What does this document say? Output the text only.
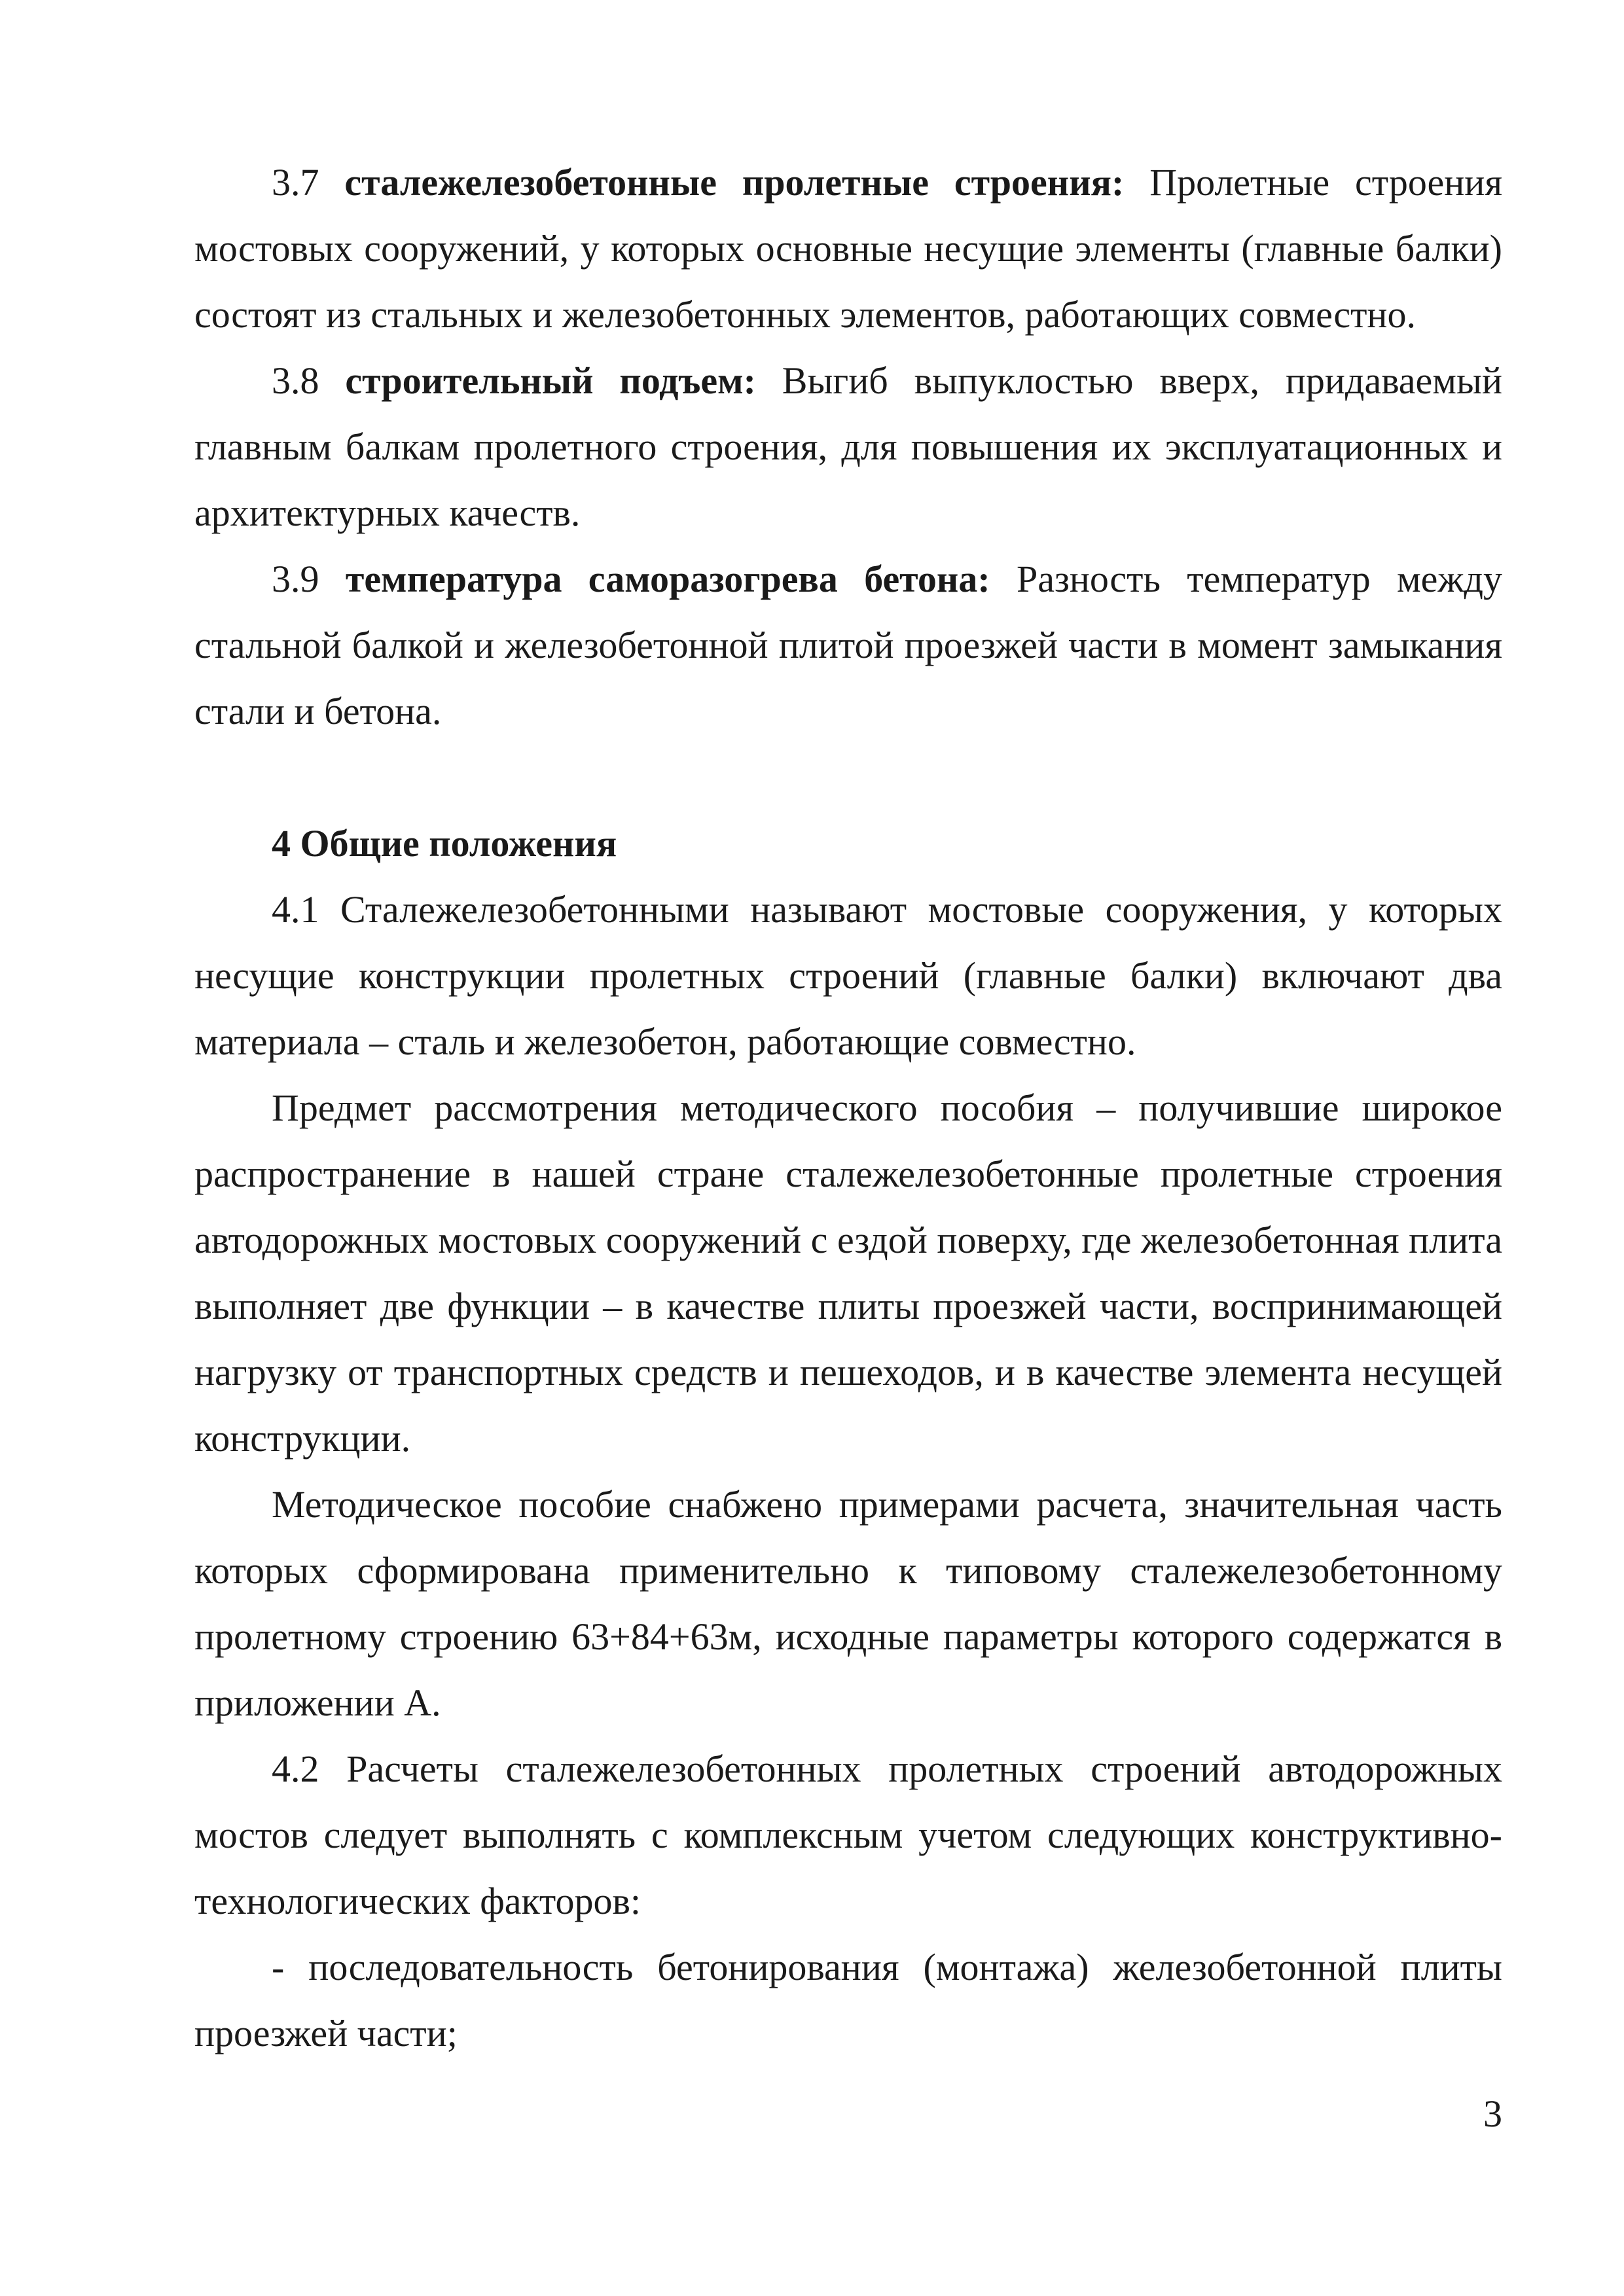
3.7 сталежелезобетонные пролетные строения: Пролетные строения мостовых сооружений, у которых основные несущие элементы (главные балки) состоят из стальных и железобетонных элементов, работающих совместно.

3.8 строительный подъем: Выгиб выпуклостью вверх, придаваемый главным балкам пролетного строения, для повышения их эксплуатационных и архитектурных качеств.

3.9 температура саморазогрева бетона: Разность температур между стальной балкой и железобетонной плитой проезжей части в момент замыкания стали и бетона.

4 Общие положения

4.1 Сталежелезобетонными называют мостовые сооружения, у которых несущие конструкции пролетных строений (главные балки) включают два материала – сталь и железобетон, работающие совместно.

Предмет рассмотрения методического пособия – получившие широкое распространение в нашей стране сталежелезобетонные пролетные строения автодорожных мостовых сооружений с ездой поверху, где железобетонная плита выполняет две функции – в качестве плиты проезжей части, воспринимающей нагрузку от транспортных средств и пешеходов, и в качестве элемента несущей конструкции.

Методическое пособие снабжено примерами расчета, значительная часть которых сформирована применительно к типовому сталежелезобетонному пролетному строению 63+84+63м, исходные параметры которого содержатся в приложении А.

4.2 Расчеты сталежелезобетонных пролетных строений автодорожных мостов следует выполнять с комплексным учетом следующих конструктивно-технологических факторов:

- последовательность бетонирования (монтажа) железобетонной плиты проезжей части;

3
